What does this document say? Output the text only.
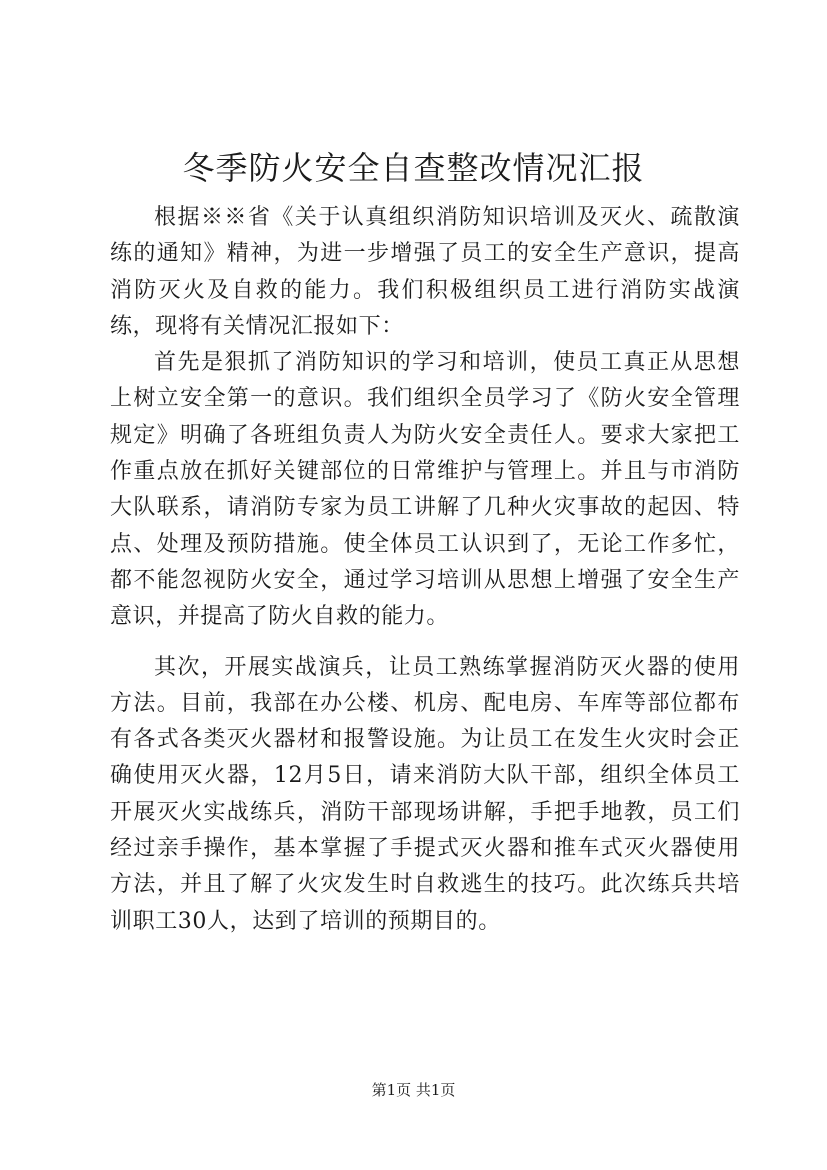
冬季防火安全自查整改情况汇报

根据※※省《关于认真组织消防知识培训及灭火、疏散演练的通知》精神，为进一步增强了员工的安全生产意识，提高消防灭火及自救的能力。我们积极组织员工进行消防实战演练，现将有关情况汇报如下：

首先是狠抓了消防知识的学习和培训，使员工真正从思想上树立安全第一的意识。我们组织全员学习了《防火安全管理规定》明确了各班组负责人为防火安全责任人。要求大家把工作重点放在抓好关键部位的日常维护与管理上。并且与市消防大队联系，请消防专家为员工讲解了几种火灾事故的起因、特点、处理及预防措施。使全体员工认识到了，无论工作多忙，都不能忽视防火安全，通过学习培训从思想上增强了安全生产意识，并提高了防火自救的能力。

其次，开展实战演兵，让员工熟练掌握消防灭火器的使用方法。目前，我部在办公楼、机房、配电房、车库等部位都布有各式各类灭火器材和报警设施。为让员工在发生火灾时会正确使用灭火器，12月5日，请来消防大队干部，组织全体员工开展灭火实战练兵，消防干部现场讲解，手把手地教，员工们经过亲手操作，基本掌握了手提式灭火器和推车式灭火器使用方法，并且了解了火灾发生时自救逃生的技巧。此次练兵共培训职工30人，达到了培训的预期目的。

第1页 共1页
